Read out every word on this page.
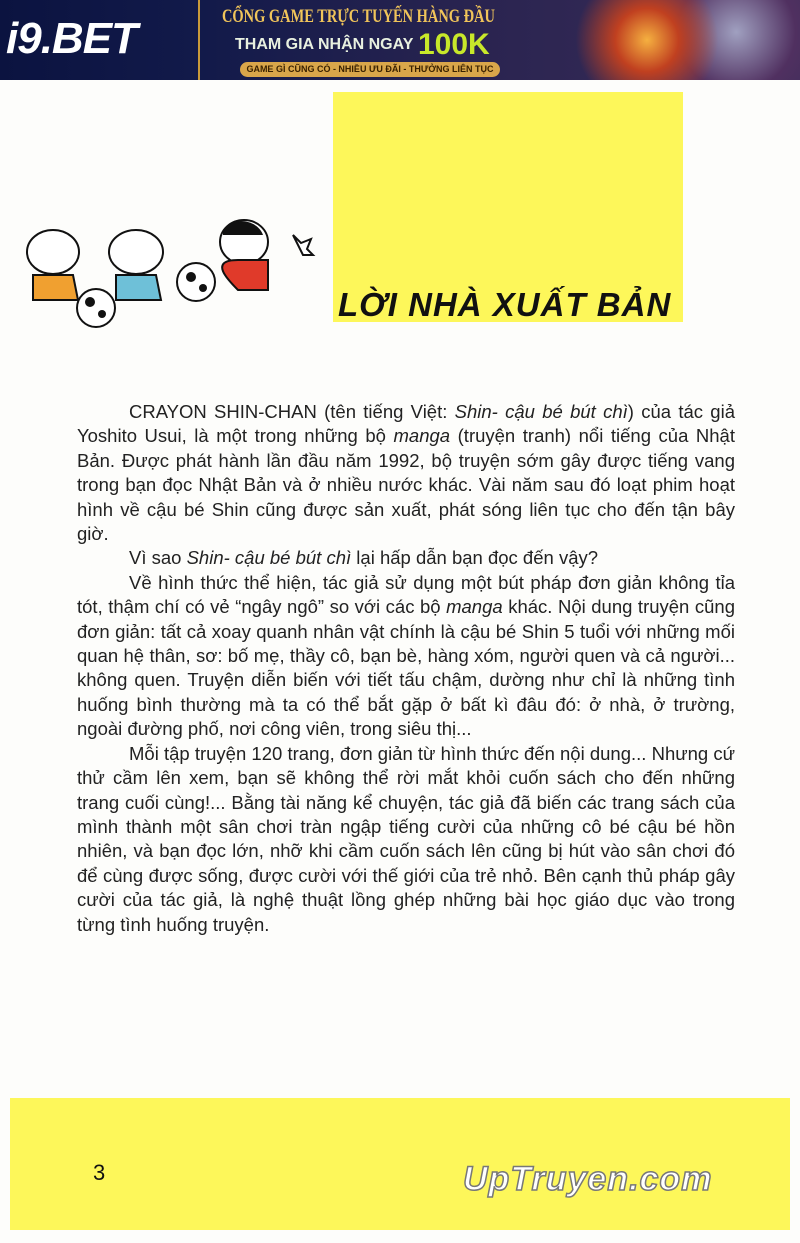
i9.BET	CỔNG GAME TRỰC TUYẾN HÀNG ĐẦU
THAM GIA NHẬN NGAY 100K
GAME GÌ CŨNG CÓ - NHIỀU ƯU ĐÃI - THƯỞNG LIÊN TỤC
LỜI NHÀ XUẤT BẢN

CRAYON SHIN-CHAN (tên tiếng Việt: Shin- cậu bé bút chì) của tác giả Yoshito Usui, là một trong những bộ manga (truyện tranh) nổi tiếng của Nhật Bản. Được phát hành lần đầu năm 1992, bộ truyện sớm gây được tiếng vang trong bạn đọc Nhật Bản và ở nhiều nước khác. Vài năm sau đó loạt phim hoạt hình về cậu bé Shin cũng được sản xuất, phát sóng liên tục cho đến tận bây giờ.

Vì sao Shin- cậu bé bút chì lại hấp dẫn bạn đọc đến vậy?

Về hình thức thể hiện, tác giả sử dụng một bút pháp đơn giản không tỉa tót, thậm chí có vẻ “ngây ngô” so với các bộ manga khác. Nội dung truyện cũng đơn giản: tất cả xoay quanh nhân vật chính là cậu bé Shin 5 tuổi với những mối quan hệ thân, sơ: bố mẹ, thầy cô, bạn bè, hàng xóm, người quen và cả người... không quen. Truyện diễn biến với tiết tấu chậm, dường như chỉ là những tình huống bình thường mà ta có thể bắt gặp ở bất kì đâu đó: ở nhà, ở trường, ngoài đường phố, nơi công viên, trong siêu thị...

Mỗi tập truyện 120 trang, đơn giản từ hình thức đến nội dung... Nhưng cứ thử cầm lên xem, bạn sẽ không thể rời mắt khỏi cuốn sách cho đến những trang cuối cùng!... Bằng tài năng kể chuyện, tác giả đã biến các trang sách của mình thành một sân chơi tràn ngập tiếng cười của những cô bé cậu bé hồn nhiên, và bạn đọc lớn, nhỡ khi cầm cuốn sách lên cũng bị hút vào sân chơi đó để cùng được sống, được cười với thế giới của trẻ nhỏ. Bên cạnh thủ pháp gây cười của tác giả, là nghệ thuật lồng ghép những bài học giáo dục vào trong từng tình huống truyện.

3	UpTruyen.com
